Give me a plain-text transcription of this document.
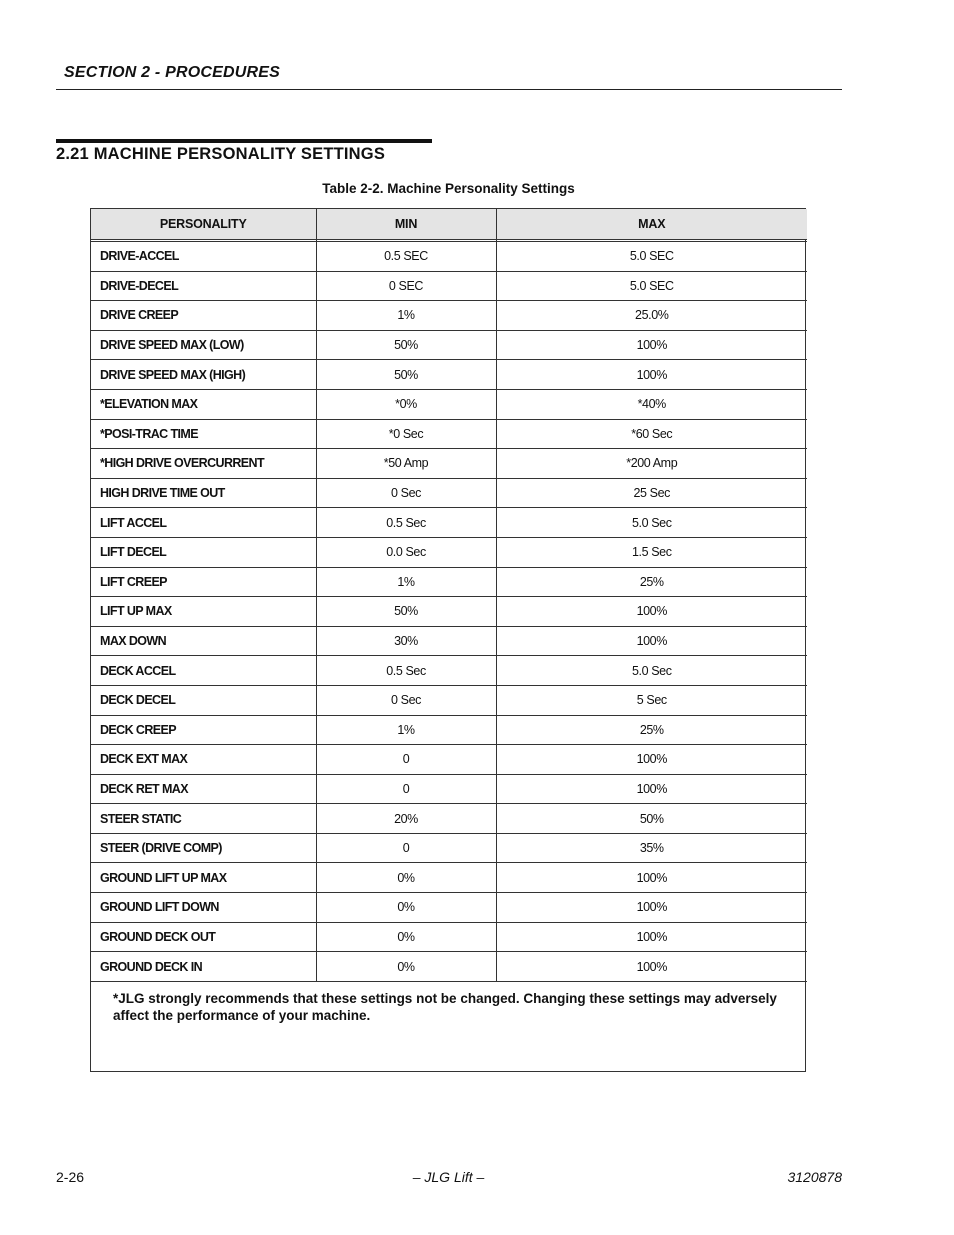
SECTION 2 - PROCEDURES
2.21 MACHINE PERSONALITY SETTINGS
Table 2-2. Machine Personality Settings
PERSONALITY	MIN	MAX

DRIVE-ACCEL	0.5 SEC	5.0 SEC
DRIVE-DECEL	0 SEC	5.0 SEC
DRIVE CREEP	1%	25.0%
DRIVE SPEED MAX (LOW)	50%	100%
DRIVE SPEED MAX (HIGH)	50%	100%
*ELEVATION MAX	*0%	*40%
*POSI-TRAC TIME	*0 Sec	*60 Sec
*HIGH DRIVE OVERCURRENT	*50 Amp	*200 Amp
HIGH DRIVE TIME OUT	0 Sec	25 Sec
LIFT ACCEL	0.5 Sec	5.0 Sec
LIFT DECEL	0.0 Sec	1.5 Sec
LIFT CREEP	1%	25%
LIFT UP MAX	50%	100%
MAX DOWN	30%	100%
DECK ACCEL	0.5 Sec	5.0 Sec
DECK DECEL	0 Sec	5 Sec
DECK CREEP	1%	25%
DECK EXT MAX	0	100%
DECK RET MAX	0	100%
STEER STATIC	20%	50%
STEER (DRIVE COMP)	0	35%
GROUND LIFT UP MAX	0%	100%
GROUND LIFT DOWN	0%	100%
GROUND DECK OUT	0%	100%
GROUND DECK IN	0%	100%
*JLG strongly recommends that these settings not be changed. Changing these settings may adversely affect the performance of your machine.
2-26	– JLG Lift –	3120878
